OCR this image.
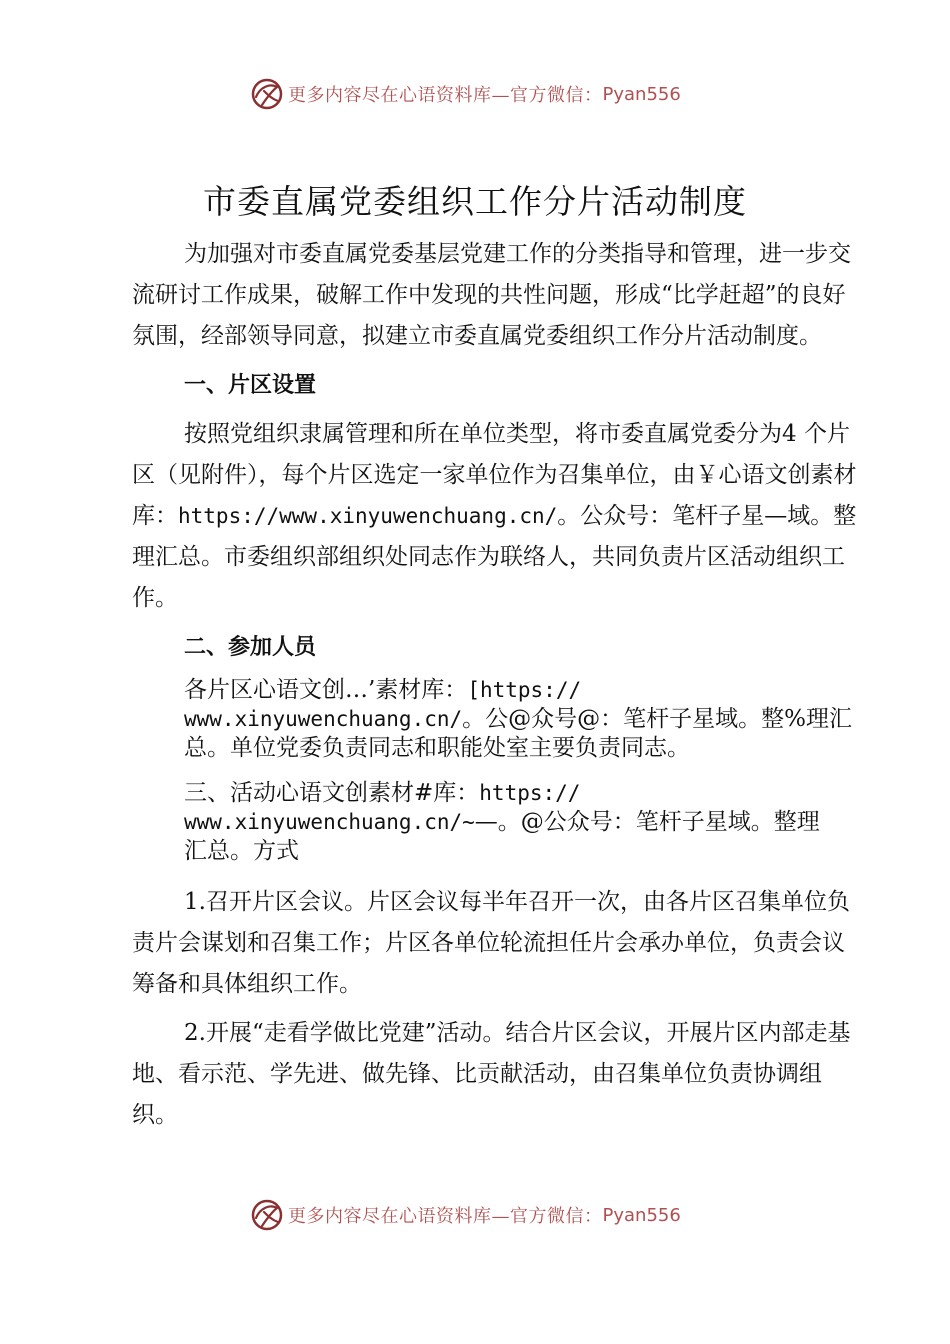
更多内容尽在心语资料库—官方微信： Pyan556
市委直属党委组织工作分片活动制度

为加强对市委直属党委基层党建工作的分类指导和管理，进一步交流研讨工作成果，破解工作中发现的共性问题，形成“比学赶超”的良好氛围，经部领导同意，拟建立市委直属党委组织工作分片活动制度。

一、片区设置

按照党组织隶属管理和所在单位类型，将市委直属党委分为4 个片区（见附件），每个片区选定一家单位作为召集单位，由￥心语文创素材库：https://www.xinyuwenchuang.cn/。公众号：笔杆子星—域。整理汇总。市委组织部组织处同志作为联络人，共同负责片区活动组织工作。

二、参加人员
各片区心语文创…’素材库：[https://
www.xinyuwenchuang.cn/。公@众号@：笔杆子星域。整%理汇
总。单位党委负责同志和职能处室主要负责同志。
三、活动心语文创素材#库：https://
www.xinyuwenchuang.cn/~—。@公众号：笔杆子星域。整理
汇总。方式

1.召开片区会议。片区会议每半年召开一次，由各片区召集单位负责片会谋划和召集工作；片区各单位轮流担任片会承办单位，负责会议筹备和具体组织工作。

2.开展“走看学做比党建”活动。结合片区会议，开展片区内部走基地、看示范、学先进、做先锋、比贡献活动，由召集单位负责协调组织。

更多内容尽在心语资料库—官方微信： Pyan556
